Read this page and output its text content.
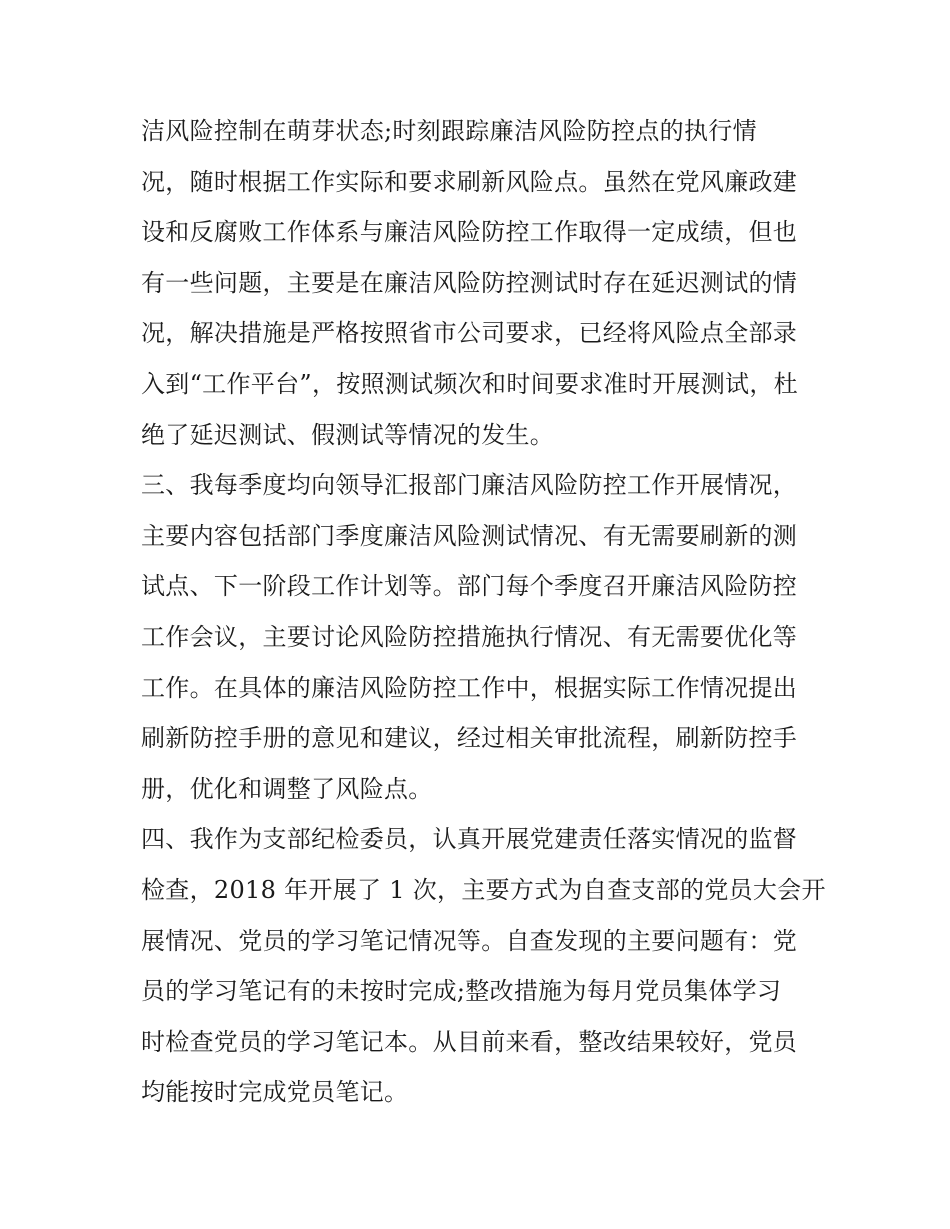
洁风险控制在萌芽状态;时刻跟踪廉洁风险防控点的执行情
况，随时根据工作实际和要求刷新风险点。虽然在党风廉政建
设和反腐败工作体系与廉洁风险防控工作取得一定成绩，但也
有一些问题，主要是在廉洁风险防控测试时存在延迟测试的情
况，解决措施是严格按照省市公司要求，已经将风险点全部录
入到“工作平台”，按照测试频次和时间要求准时开展测试，杜
绝了延迟测试、假测试等情况的发生。
三、我每季度均向领导汇报部门廉洁风险防控工作开展情况，
主要内容包括部门季度廉洁风险测试情况、有无需要刷新的测
试点、下一阶段工作计划等。部门每个季度召开廉洁风险防控
工作会议，主要讨论风险防控措施执行情况、有无需要优化等
工作。在具体的廉洁风险防控工作中，根据实际工作情况提出
刷新防控手册的意见和建议，经过相关审批流程，刷新防控手
册，优化和调整了风险点。
四、我作为支部纪检委员，认真开展党建责任落实情况的监督
检查，2018 年开展了 1 次，主要方式为自查支部的党员大会开
展情况、党员的学习笔记情况等。自查发现的主要问题有：党
员的学习笔记有的未按时完成;整改措施为每月党员集体学习
时检查党员的学习笔记本。从目前来看，整改结果较好，党员
均能按时完成党员笔记。
